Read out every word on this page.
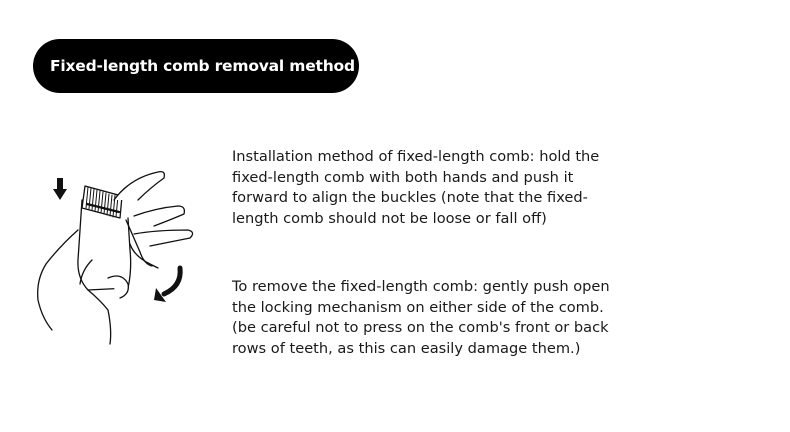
Fixed-length comb removal method

Installation method of fixed-length comb: hold the fixed-length comb with both hands and push it forward to align the buckles (note that the fixed-length comb should not be loose or fall off)

To remove the fixed-length comb: gently push open the locking mechanism on either side of the comb. (be careful not to press on the comb's front or back rows of teeth, as this can easily damage them.)
